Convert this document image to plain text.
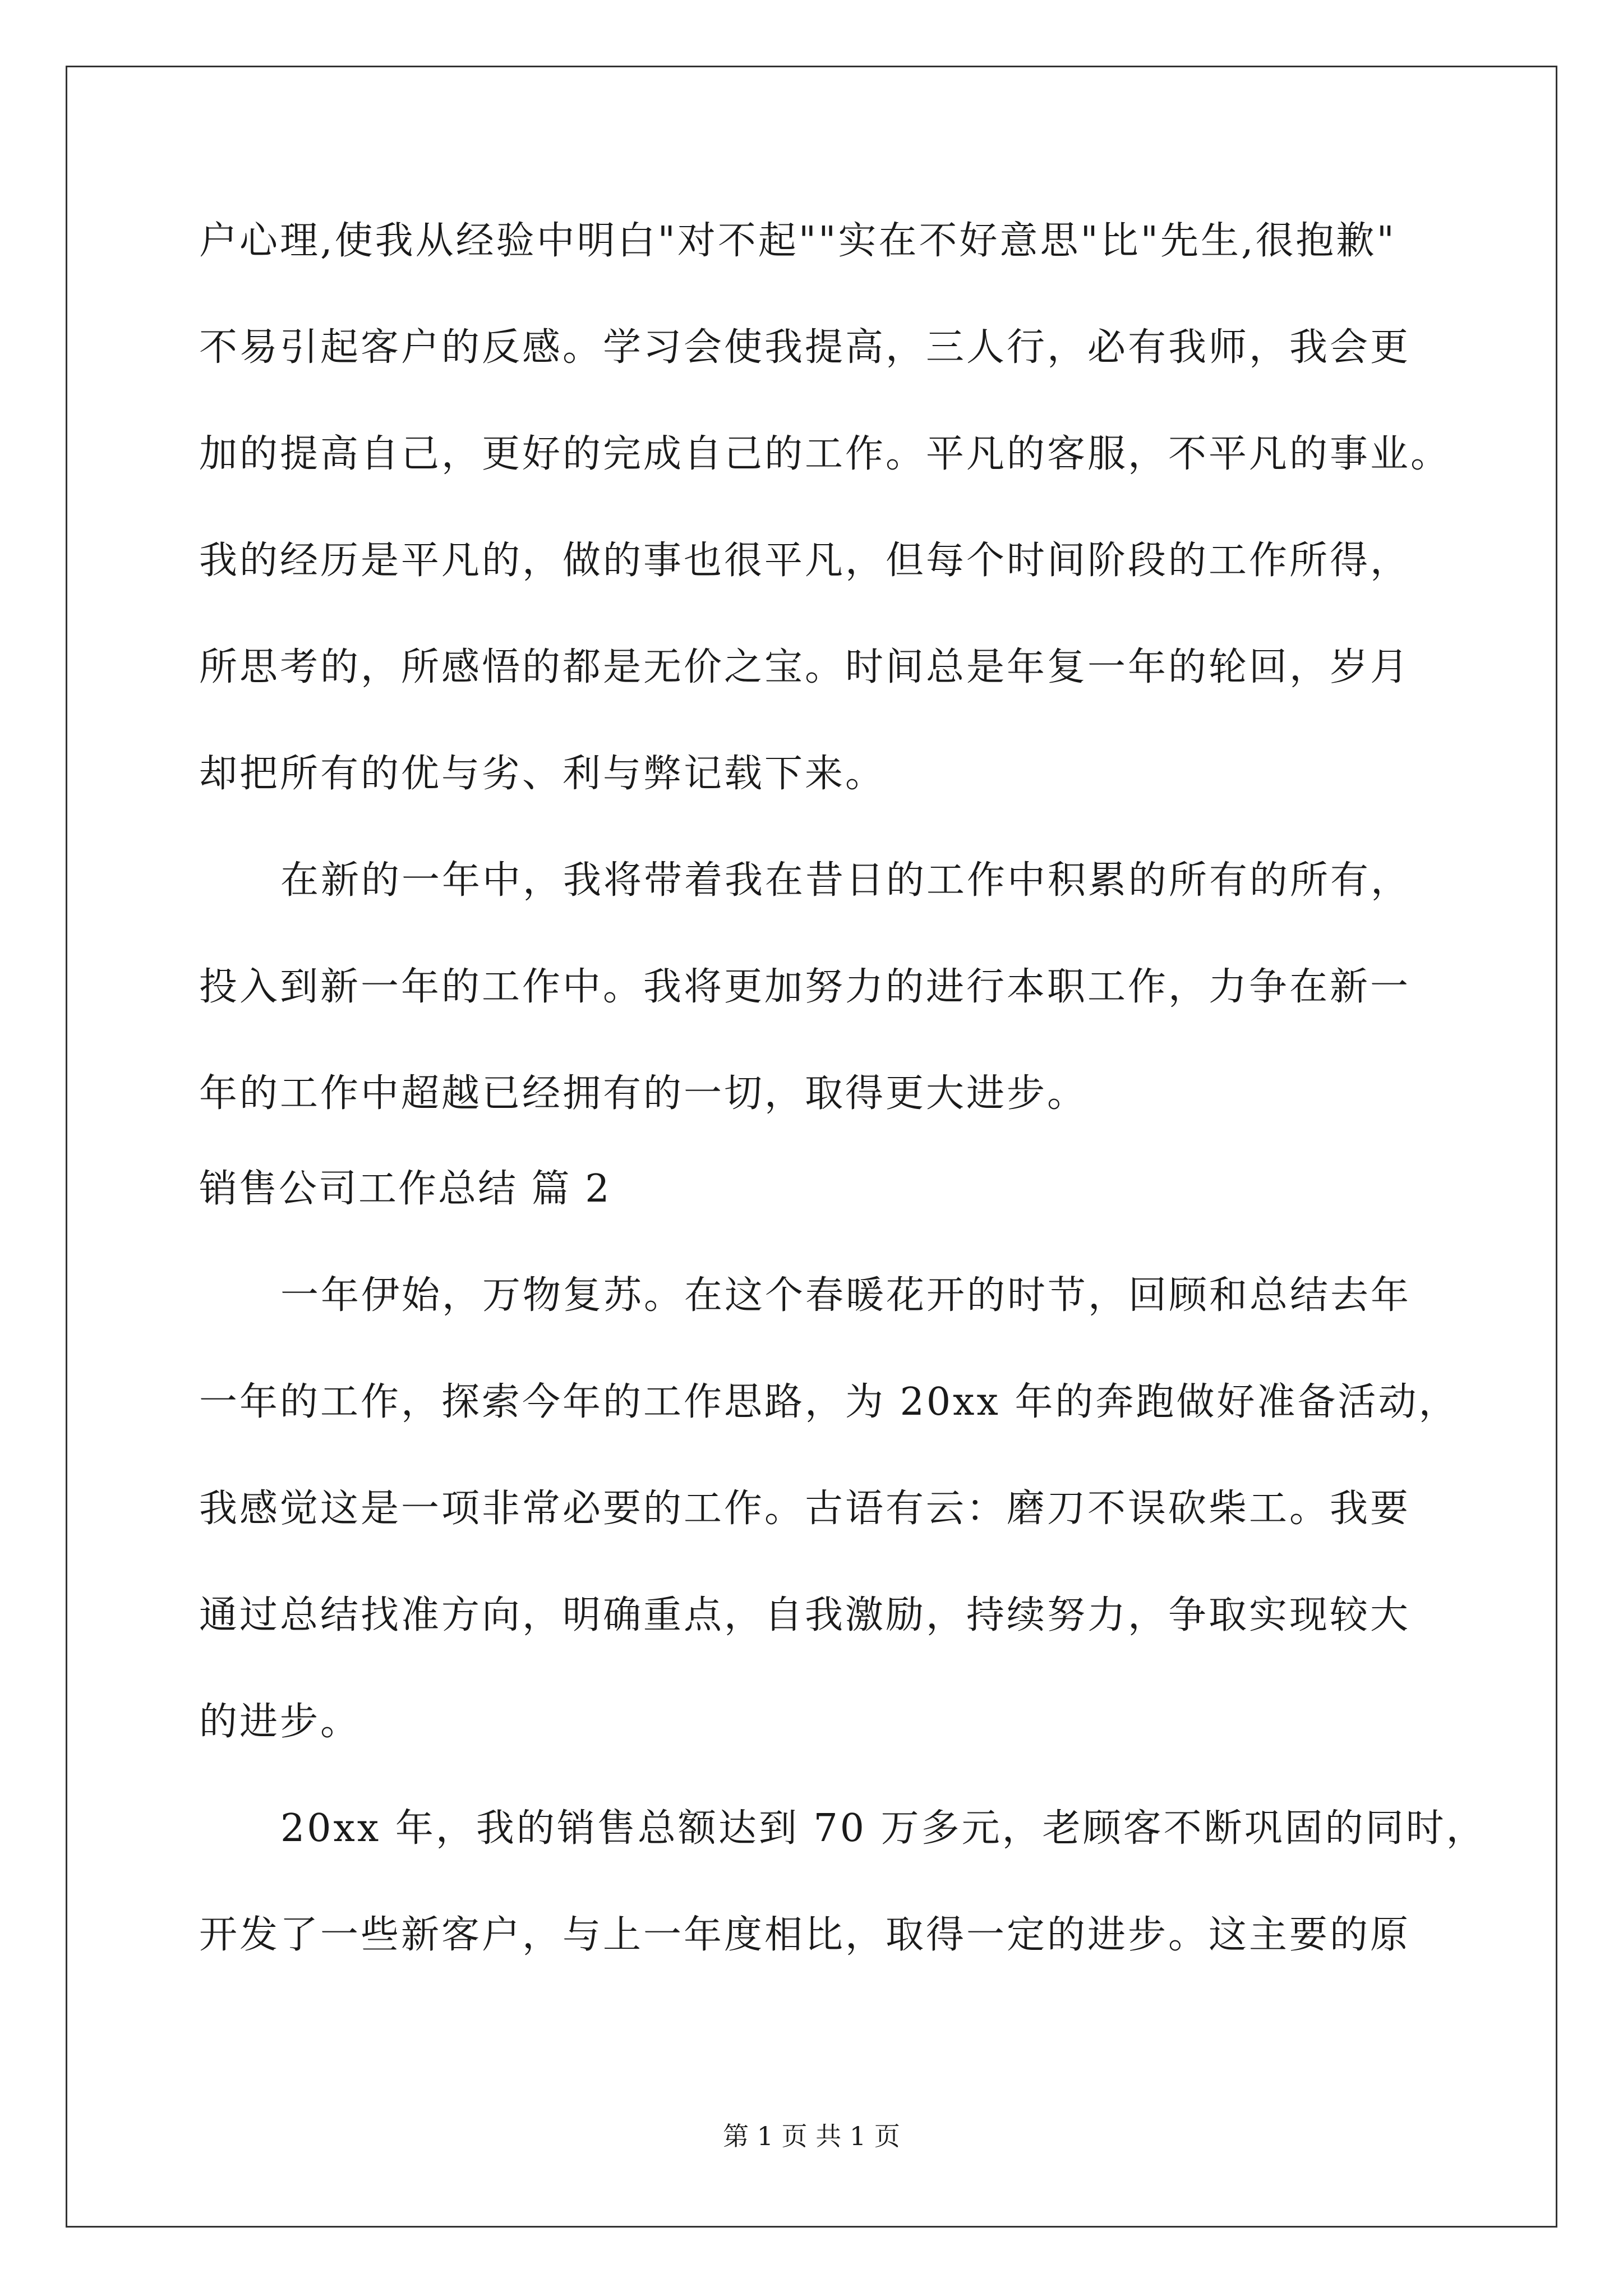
户心理,使我从经验中明白"对不起""实在不好意思"比"先生,很抱歉"
不易引起客户的反感。学习会使我提高，三人行，必有我师，我会更
加的提高自己，更好的完成自己的工作。平凡的客服，不平凡的事业。
我的经历是平凡的，做的事也很平凡，但每个时间阶段的工作所得，
所思考的，所感悟的都是无价之宝。时间总是年复一年的轮回，岁月
却把所有的优与劣、利与弊记载下来。
在新的一年中，我将带着我在昔日的工作中积累的所有的所有，
投入到新一年的工作中。我将更加努力的进行本职工作，力争在新一
年的工作中超越已经拥有的一切，取得更大进步。
销售公司工作总结 篇 2
一年伊始，万物复苏。在这个春暖花开的时节，回顾和总结去年
一年的工作，探索今年的工作思路，为 20xx 年的奔跑做好准备活动，
我感觉这是一项非常必要的工作。古语有云：磨刀不误砍柴工。我要
通过总结找准方向，明确重点，自我激励，持续努力，争取实现较大
的进步。
20xx 年，我的销售总额达到 70 万多元，老顾客不断巩固的同时，
开发了一些新客户，与上一年度相比，取得一定的进步。这主要的原
第 1 页 共 1 页
